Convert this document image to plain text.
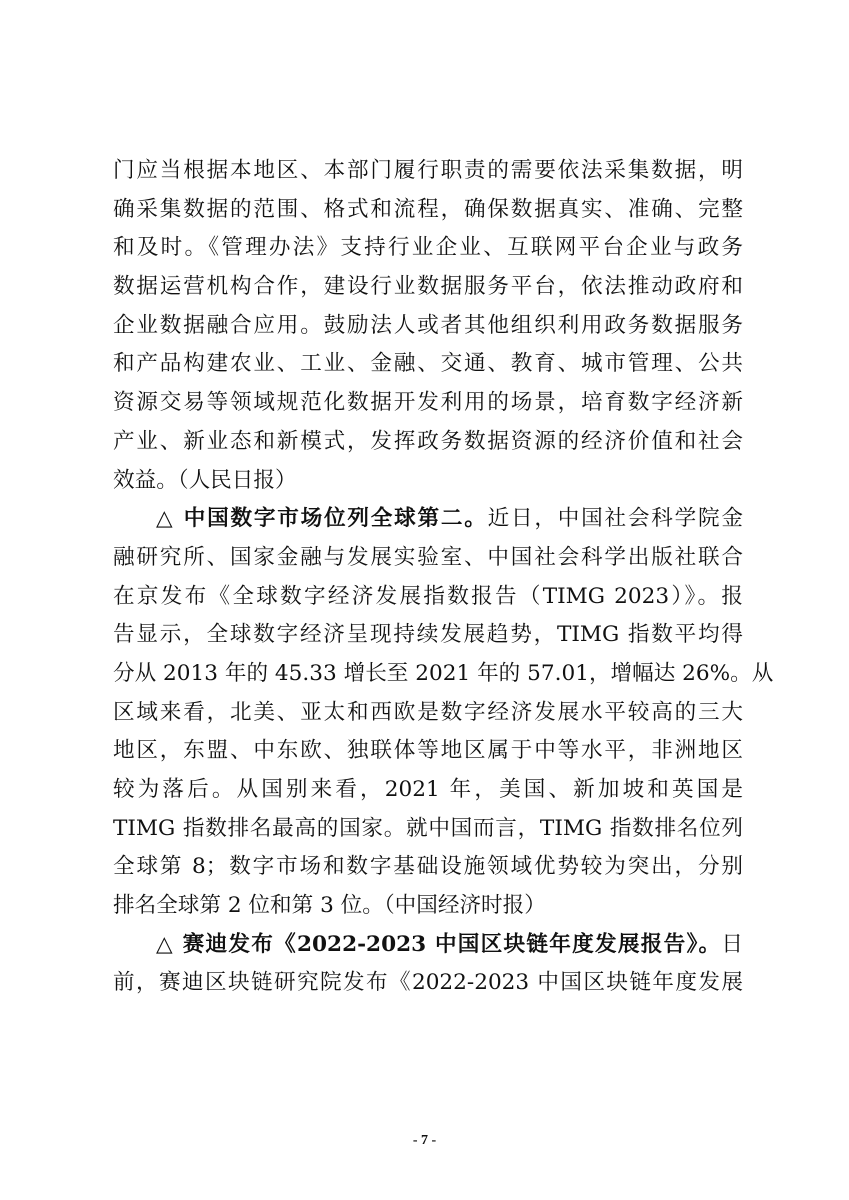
门应当根据本地区、本部门履行职责的需要依法采集数据，明
确采集数据的范围、格式和流程，确保数据真实、准确、完整
和及时。《管理办法》支持行业企业、互联网平台企业与政务
数据运营机构合作，建设行业数据服务平台，依法推动政府和
企业数据融合应用。鼓励法人或者其他组织利用政务数据服务
和产品构建农业、工业、金融、交通、教育、城市管理、公共
资源交易等领域规范化数据开发利用的场景，培育数字经济新
产业、新业态和新模式，发挥政务数据资源的经济价值和社会
效益。（人民日报）
△ 中国数字市场位列全球第二。近日，中国社会科学院金
融研究所、国家金融与发展实验室、中国社会科学出版社联合
在京发布《全球数字经济发展指数报告（TIMG 2023）》。报
告显示，全球数字经济呈现持续发展趋势，TIMG 指数平均得
分从 2013 年的 45.33 增长至 2021 年的 57.01，增幅达 26%。从
区域来看，北美、亚太和西欧是数字经济发展水平较高的三大
地区，东盟、中东欧、独联体等地区属于中等水平，非洲地区
较为落后。从国别来看，2021 年，美国、新加坡和英国是
TIMG 指数排名最高的国家。就中国而言，TIMG 指数排名位列
全球第 8；数字市场和数字基础设施领域优势较为突出，分别
排名全球第 2 位和第 3 位。（中国经济时报）
△ 赛迪发布《2022-2023 中国区块链年度发展报告》。日
前，赛迪区块链研究院发布《2022-2023 中国区块链年度发展
- 7 -
